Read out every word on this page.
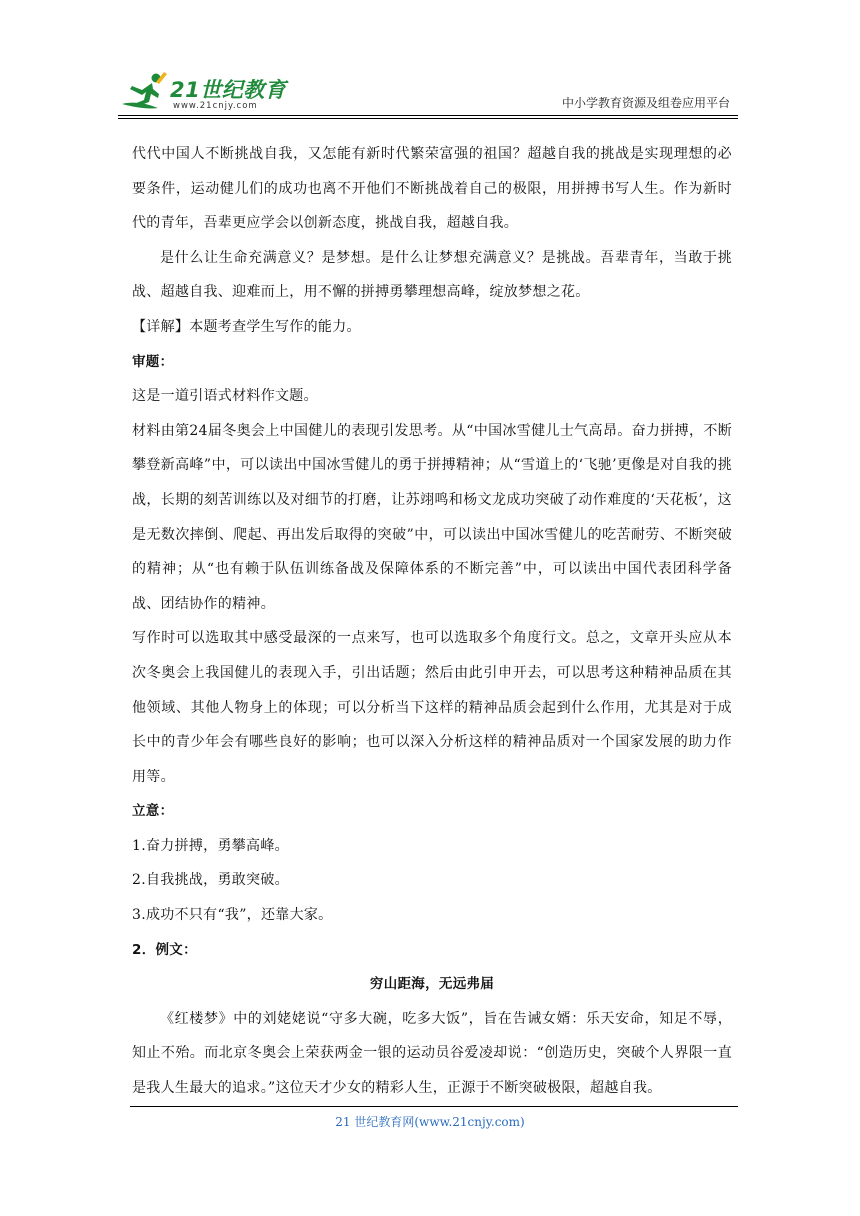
21世纪教育
www.21cnjy.com	中小学教育资源及组卷应用平台

代代中国人不断挑战自我，又怎能有新时代繁荣富强的祖国？超越自我的挑战是实现理想的必要条件，运动健儿们的成功也离不开他们不断挑战着自己的极限，用拼搏书写人生。作为新时代的青年，吾辈更应学会以创新态度，挑战自我，超越自我。

是什么让生命充满意义？是梦想。是什么让梦想充满意义？是挑战。吾辈青年，当敢于挑战、超越自我、迎难而上，用不懈的拼搏勇攀理想高峰，绽放梦想之花。

【详解】本题考查学生写作的能力。

审题：

这是一道引语式材料作文题。

材料由第24届冬奥会上中国健儿的表现引发思考。从“中国冰雪健儿士气高昂。奋力拼搏，不断攀登新高峰”中，可以读出中国冰雪健儿的勇于拼搏精神；从“雪道上的‘飞驰’更像是对自我的挑战，长期的刻苦训练以及对细节的打磨，让苏翊鸣和杨文龙成功突破了动作难度的‘天花板’，这是无数次摔倒、爬起、再出发后取得的突破”中，可以读出中国冰雪健儿的吃苦耐劳、不断突破的精神；从“也有赖于队伍训练备战及保障体系的不断完善”中，可以读出中国代表团科学备战、团结协作的精神。

写作时可以选取其中感受最深的一点来写，也可以选取多个角度行文。总之，文章开头应从本次冬奥会上我国健儿的表现入手，引出话题；然后由此引申开去，可以思考这种精神品质在其他领域、其他人物身上的体现；可以分析当下这样的精神品质会起到什么作用，尤其是对于成长中的青少年会有哪些良好的影响；也可以深入分析这样的精神品质对一个国家发展的助力作用等。

立意：

1.奋力拼搏，勇攀高峰。

2.自我挑战，勇敢突破。

3.成功不只有“我”，还靠大家。

2．例文：

穷山距海，无远弗届

《红楼梦》中的刘姥姥说“守多大碗，吃多大饭”，旨在告诫女婿：乐天安命，知足不辱，知止不殆。而北京冬奥会上荣获两金一银的运动员谷爱凌却说：“创造历史，突破个人界限一直是我人生最大的追求。”这位天才少女的精彩人生，正源于不断突破极限，超越自我。

21 世纪教育网(www.21cnjy.com)
